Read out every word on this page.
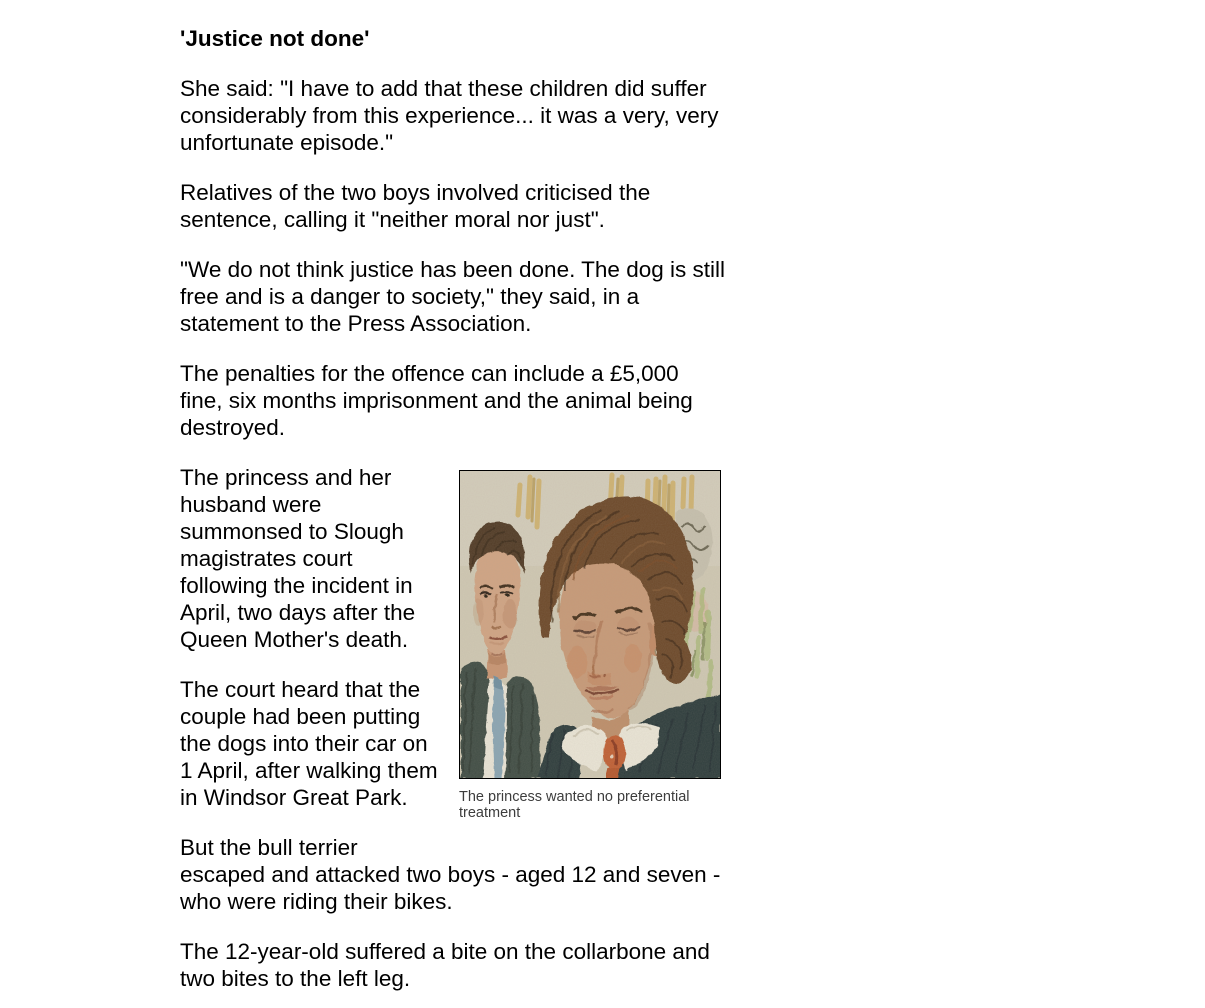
'Justice not done'

She said: "I have to add that these children did suffer considerably from this experience... it was a very, very unfortunate episode."

Relatives of the two boys involved criticised the sentence, calling it "neither moral nor just".

"We do not think justice has been done. The dog is still free and is a danger to society," they said, in a statement to the Press Association.

The penalties for the offence can include a £5,000 fine, six months imprisonment and the animal being destroyed.

The princess wanted no preferential treatment

The princess and her husband were summonsed to Slough magistrates court following the incident in April, two days after the Queen Mother's death.

The court heard that the couple had been putting the dogs into their car on 1 April, after walking them in Windsor Great Park.

But the bull terrier escaped and attacked two boys - aged 12 and seven - who were riding their bikes.

The 12-year-old suffered a bite on the collarbone and two bites to the left leg.
